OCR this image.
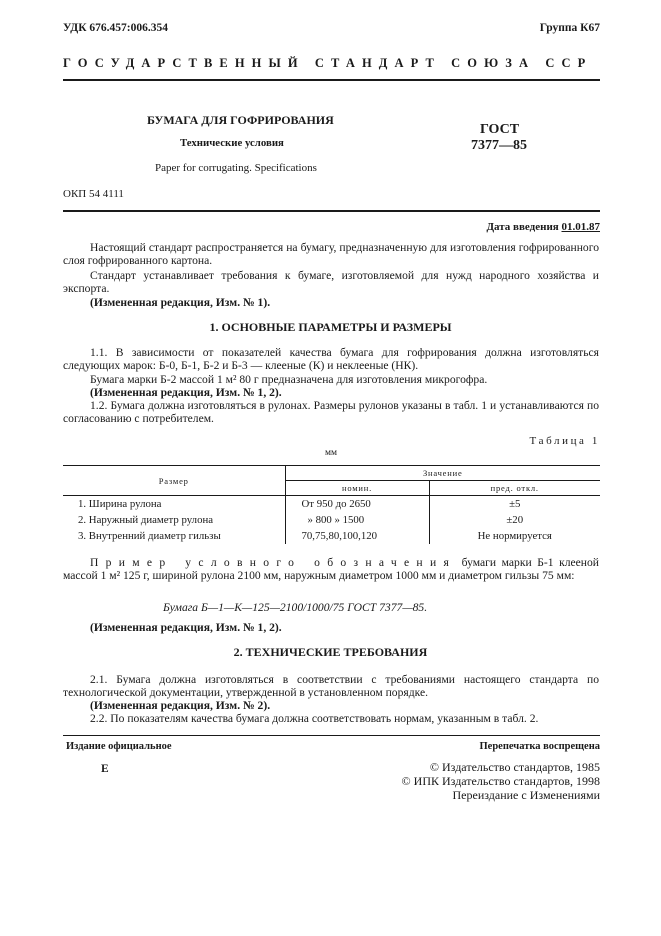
УДК 676.457:006.354	Группа К67
ГОСУДАРСТВЕННЫЙ СТАНДАРТ СОЮЗА ССР
БУМАГА ДЛЯ ГОФРИРОВАНИЯ
Технические условия
Paper for corrugating. Specifications
ГОСТ
7377—85
ОКП 54 4111
Дата введения 01.01.87

Настоящий стандарт распространяется на бумагу, предназначенную для изготовления гофрированного слоя гофрированного картона.

Стандарт устанавливает требования к бумаге, изготовляемой для нужд народного хозяйства и экспорта.

(Измененная редакция, Изм. № 1).

1. ОСНОВНЫЕ ПАРАМЕТРЫ И РАЗМЕРЫ

1.1. В зависимости от показателей качества бумага для гофрирования должна изготовляться следующих марок: Б-0, Б-1, Б-2 и Б-3 — клееные (К) и неклееные (НК).

Бумага марки Б-2 массой 1 м² 80 г предназначена для изготовления микрогофра.

(Измененная редакция, Изм. № 1, 2).

1.2. Бумага должна изготовляться в рулонах. Размеры рулонов указаны в табл. 1 и устанавливаются по согласованию с потребителем.

Таблица 1
мм
Размер	Значение	
	номин.	пред. откл.
1. Ширина рулона	От 950 до 2650	±5
2. Наружный диаметр рулона	» 800 » 1500	±20
3. Внутренний диаметр гильзы	70,75,80,100,120	Не нормируется

Пример условного обозначения бумаги марки Б-1 клееной массой 1 м² 125 г, шириной рулона 2100 мм, наружным диаметром 1000 мм и диаметром гильзы 75 мм:

Бумага Б—1—К—125—2100/1000/75 ГОСТ 7377—85.

(Измененная редакция, Изм. № 1, 2).

2. ТЕХНИЧЕСКИЕ ТРЕБОВАНИЯ

2.1. Бумага должна изготовляться в соответствии с требованиями настоящего стандарта по технологической документации, утвержденной в установленном порядке.

(Измененная редакция, Изм. № 2).

2.2. По показателям качества бумага должна соответствовать нормам, указанным в табл. 2.

Издание официальное	Перепечатка воспрещена
Е	© Издательство стандартов, 1985
© ИПК Издательство стандартов, 1998
Переиздание с Изменениями
